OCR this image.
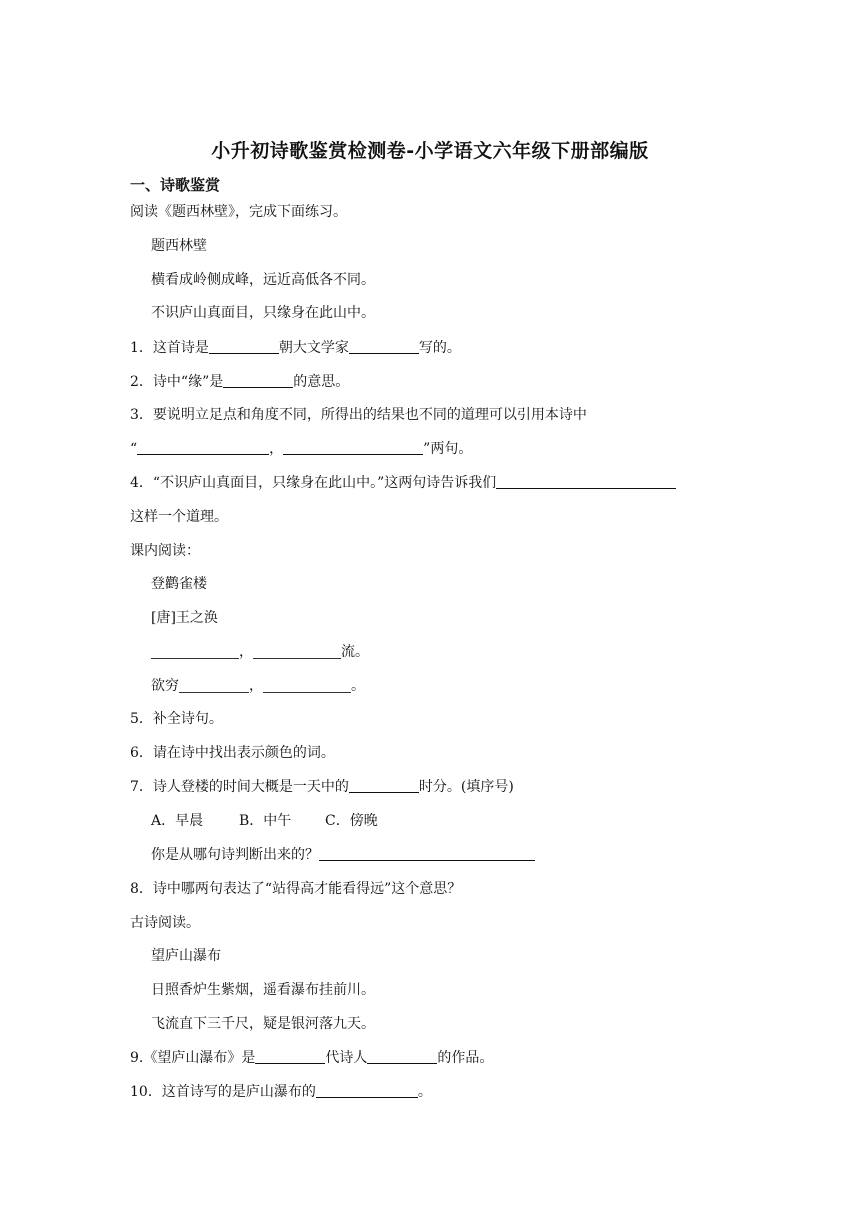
小升初诗歌鉴赏检测卷-小学语文六年级下册部编版
一、诗歌鉴赏
阅读《题西林壁》，完成下面练习。
题西林壁
横看成岭侧成峰，远近高低各不同。
不识庐山真面目，只缘身在此山中。
1．这首诗是	朝大文学家	写的。
2．诗中“缘”是	的意思。
3．要说明立足点和角度不同，所得出的结果也不同的道理可以引用本诗中
“	，	”两句。
4．“不识庐山真面目，只缘身在此山中。”这两句诗告诉我们
这样一个道理。
课内阅读：
登鹳雀楼
[唐]王之涣
，	流。
欲穷	，	。
5．补全诗句。
6．请在诗中找出表示颜色的词。
7．诗人登楼的时间大概是一天中的	时分。(填序号)
A．早晨	B．中午 C．傍晚
你是从哪句诗判断出来的？
8．诗中哪两句表达了“站得高才能看得远”这个意思？
古诗阅读。
望庐山瀑布
日照香炉生紫烟，遥看瀑布挂前川。
飞流直下三千尺，疑是银河落九天。
9.《望庐山瀑布》是	代诗人	的作品。
10．这首诗写的是庐山瀑布的	。
